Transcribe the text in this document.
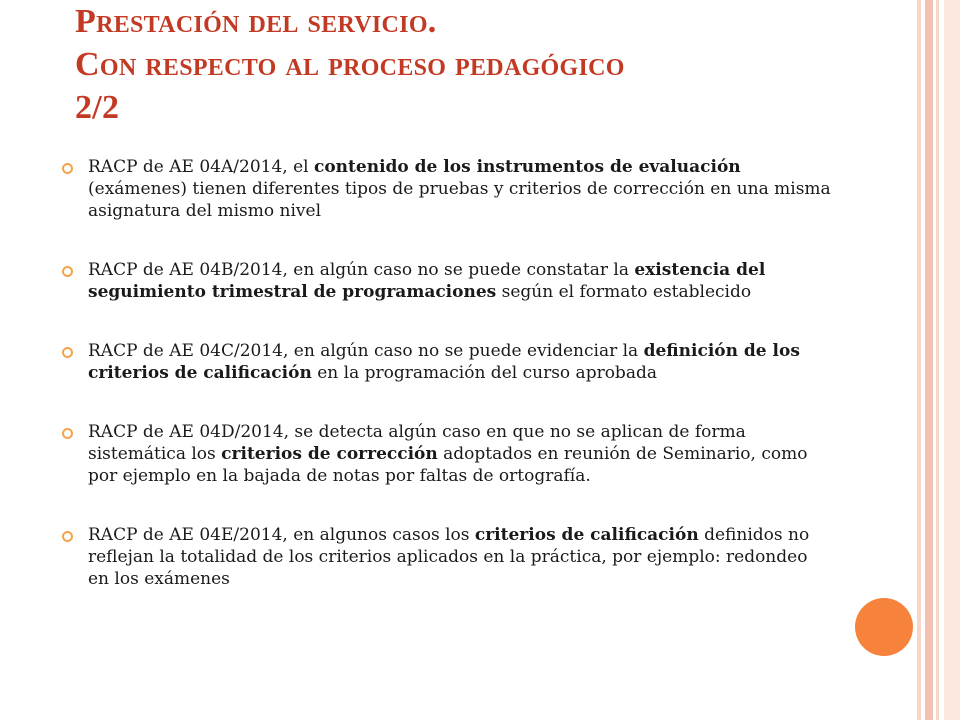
Prestación del servicio.
Con respecto al proceso pedagógico
2/2
RACP de AE 04A/2014, el contenido de los instrumentos de evaluación (exámenes) tienen diferentes tipos de pruebas y criterios de corrección en una misma asignatura del mismo nivel
RACP de AE 04B/2014, en algún caso no se puede constatar la existencia del seguimiento trimestral de programaciones según el formato establecido
RACP de AE 04C/2014, en algún caso no se puede evidenciar la definición de los criterios de calificación en la programación del curso aprobada
RACP de AE 04D/2014, se detecta algún caso en que no se aplican de forma sistemática los criterios de corrección adoptados en reunión de Seminario, como por ejemplo en la bajada de notas por faltas de ortografía.
RACP de AE 04E/2014, en algunos casos los criterios de calificación definidos no reflejan la totalidad de los criterios aplicados en la práctica, por ejemplo: redondeo en los exámenes
